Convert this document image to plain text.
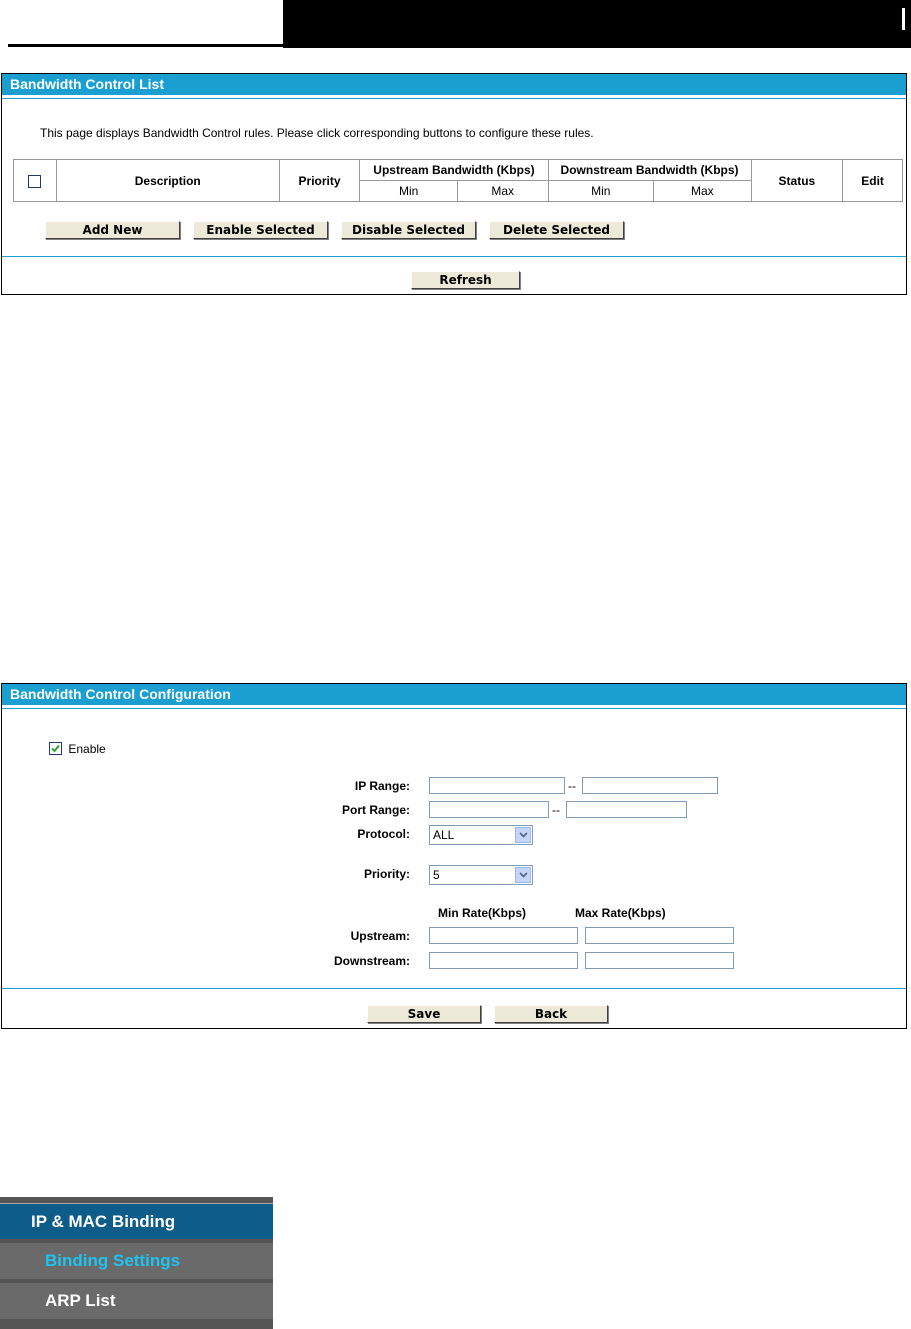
Bandwidth Control List
This page displays Bandwidth Control rules. Please click corresponding buttons to configure these rules.
	Description	Priority	Upstream Bandwidth (Kbps)		Downstream Bandwidth (Kbps)		Status	Edit
			Min	Max	Min	Max		
Add New	Enable Selected	Disable Selected	Delete Selected
Refresh
Bandwidth Control Configuration
Enable
IP Range:	--
Port Range:	--
Protocol:	ALL
Priority:	5
Min Rate(Kbps)	Max Rate(Kbps)
Upstream:
Downstream:
Save	Back
IP & MAC Binding
Binding Settings
ARP List
